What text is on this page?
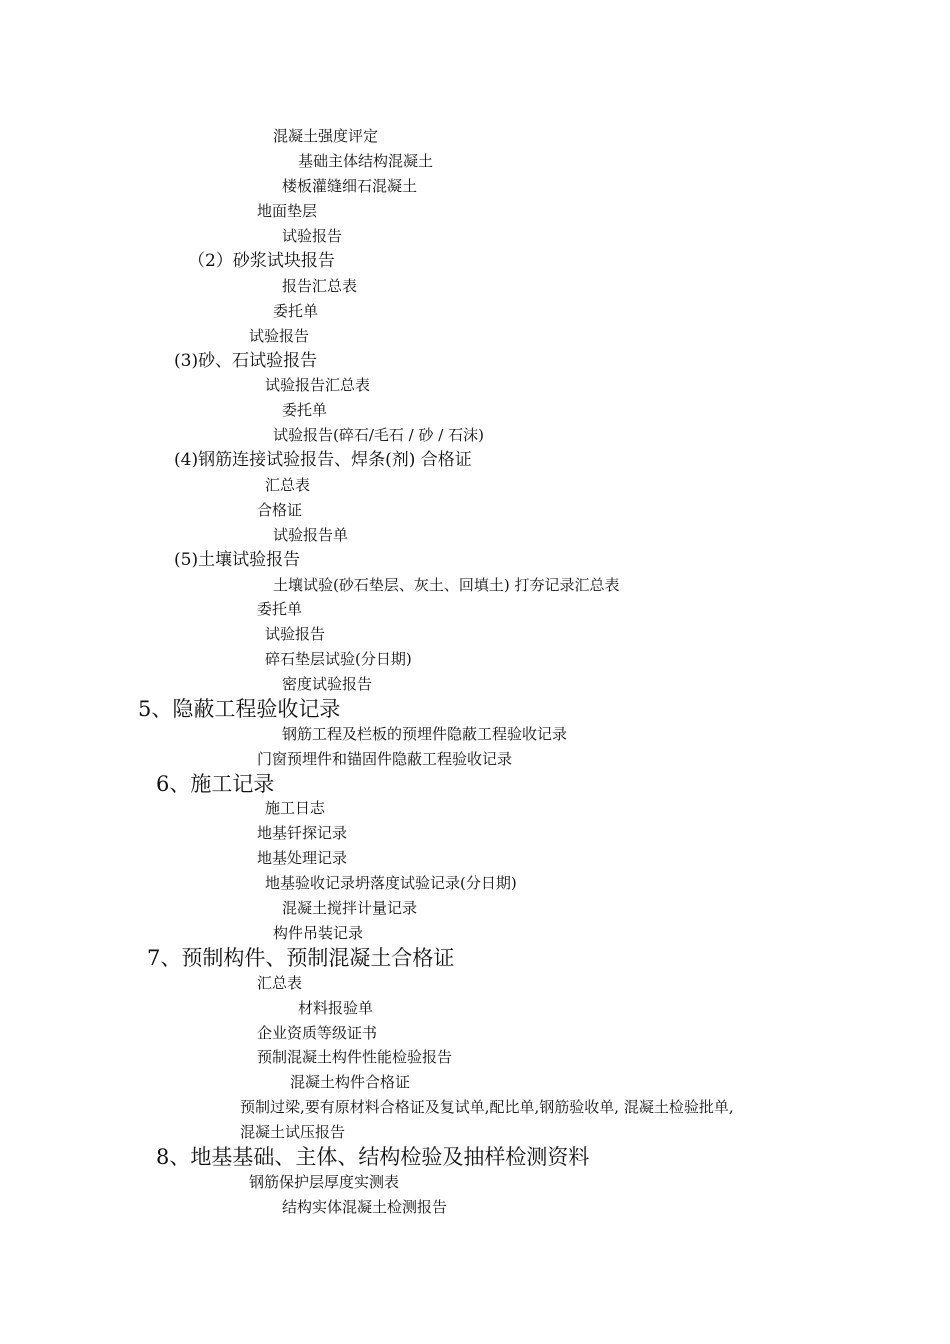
混凝土强度评定
基础主体结构混凝土
楼板灌缝细石混凝土
地面垫层
试验报告
（2）砂浆试块报告
报告汇总表
委托单
试验报告
(3)砂、石试验报告
试验报告汇总表
委托单
试验报告(碎石/毛石 / 砂 / 石沫)
(4)钢筋连接试验报告、焊条(剂) 合格证
汇总表
合格证
试验报告单
(5)土壤试验报告
土壤试验(砂石垫层、灰土、回填土) 打夯记录汇总表
委托单
试验报告
碎石垫层试验(分日期)
密度试验报告
5、隐蔽工程验收记录
钢筋工程及栏板的预埋件隐蔽工程验收记录
门窗预埋件和锚固件隐蔽工程验收记录
6、施工记录
施工日志
地基钎探记录
地基处理记录
地基验收记录坍落度试验记录(分日期)
混凝土搅拌计量记录
构件吊装记录
7、预制构件、预制混凝土合格证
汇总表
材料报验单
企业资质等级证书
预制混凝土构件性能检验报告
混凝土构件合格证
预制过梁,要有原材料合格证及复试单,配比单,钢筋验收单, 混凝土检验批单,
混凝土试压报告
8、地基基础、主体、结构检验及抽样检测资料
钢筋保护层厚度实测表
结构实体混凝土检测报告
